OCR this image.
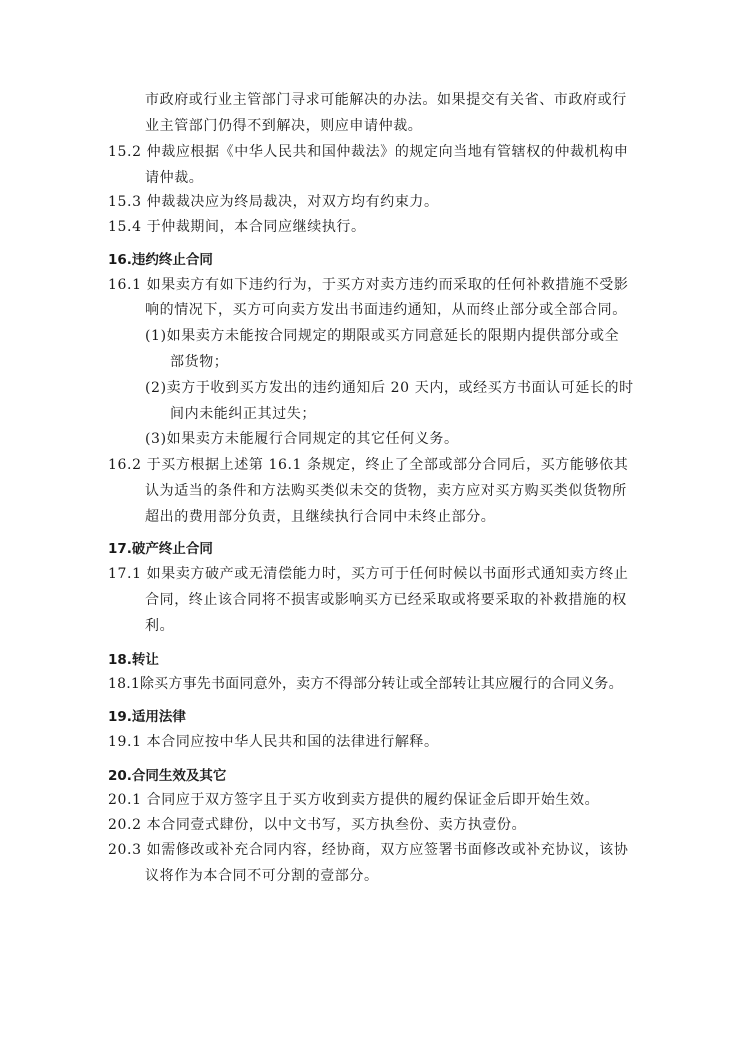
市政府或行业主管部门寻求可能解决的办法。如果提交有关省、市政府或行
业主管部门仍得不到解决，则应申请仲裁。
15.2 仲裁应根据《中华人民共和国仲裁法》的规定向当地有管辖权的仲裁机构申
请仲裁。
15.3 仲裁裁决应为终局裁决，对双方均有约束力。
15.4 于仲裁期间，本合同应继续执行。
16.违约终止合同
16.1 如果卖方有如下违约行为，于买方对卖方违约而采取的任何补救措施不受影
响的情况下，买方可向卖方发出书面违约通知，从而终止部分或全部合同。
(1)如果卖方未能按合同规定的期限或买方同意延长的限期内提供部分或全
部货物；
(2)卖方于收到买方发出的违约通知后 20 天内，或经买方书面认可延长的时
间内未能纠正其过失；
(3)如果卖方未能履行合同规定的其它任何义务。
16.2 于买方根据上述第 16.1 条规定，终止了全部或部分合同后，买方能够依其
认为适当的条件和方法购买类似未交的货物，卖方应对买方购买类似货物所
超出的费用部分负责，且继续执行合同中未终止部分。
17.破产终止合同
17.1 如果卖方破产或无清偿能力时，买方可于任何时候以书面形式通知卖方终止
合同，终止该合同将不损害或影响买方已经采取或将要采取的补救措施的权
利。
18.转让
18.1除买方事先书面同意外，卖方不得部分转让或全部转让其应履行的合同义务。
19.适用法律
19.1 本合同应按中华人民共和国的法律进行解释。
20.合同生效及其它
20.1 合同应于双方签字且于买方收到卖方提供的履约保证金后即开始生效。
20.2 本合同壹式肆份，以中文书写，买方执叁份、卖方执壹份。
20.3 如需修改或补充合同内容，经协商，双方应签署书面修改或补充协议，该协
议将作为本合同不可分割的壹部分。
